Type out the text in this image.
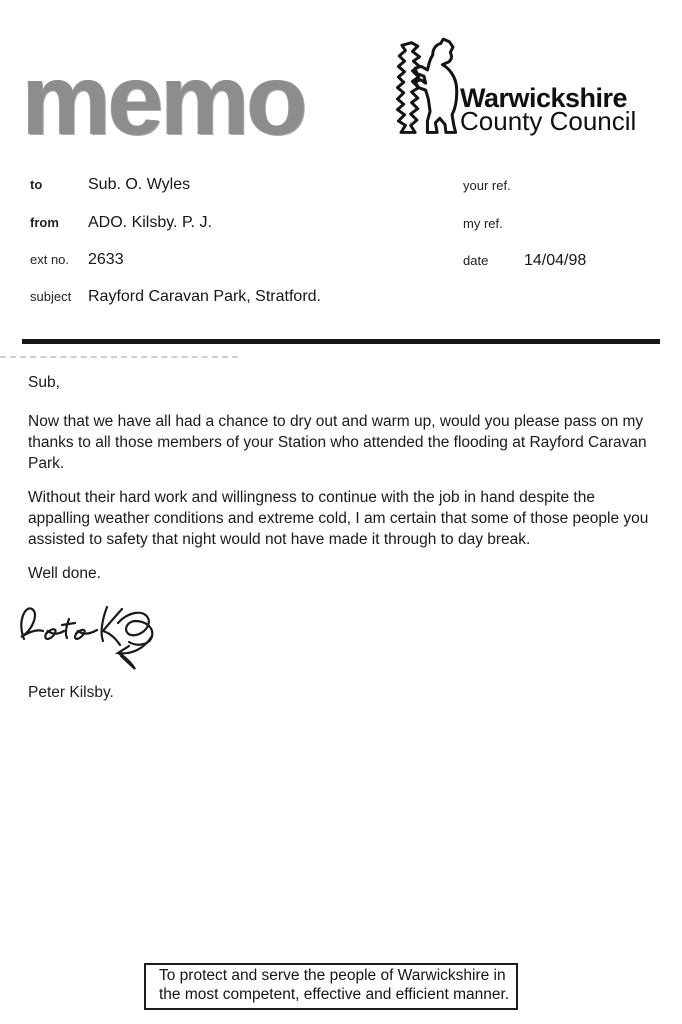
memo	Warwickshire
County Council
to	Sub. O. Wyles
from ADO. Kilsby. P. J.
ext no. 2633
subject Rayford Caravan Park, Stratford.
your ref.
my ref.
date 14/04/98
Sub,

Now that we have all had a chance to dry out and warm up, would you please pass on my thanks to all those members of your Station who attended the flooding at Rayford Caravan Park.

Without their hard work and willingness to continue with the job in hand despite the appalling weather conditions and extreme cold, I am certain that some of those people you assisted to safety that night would not have made it through to day break.

Well done.

Peter Kilsby.
To protect and serve the people of Warwickshire in the most competent, effective and efficient manner.
